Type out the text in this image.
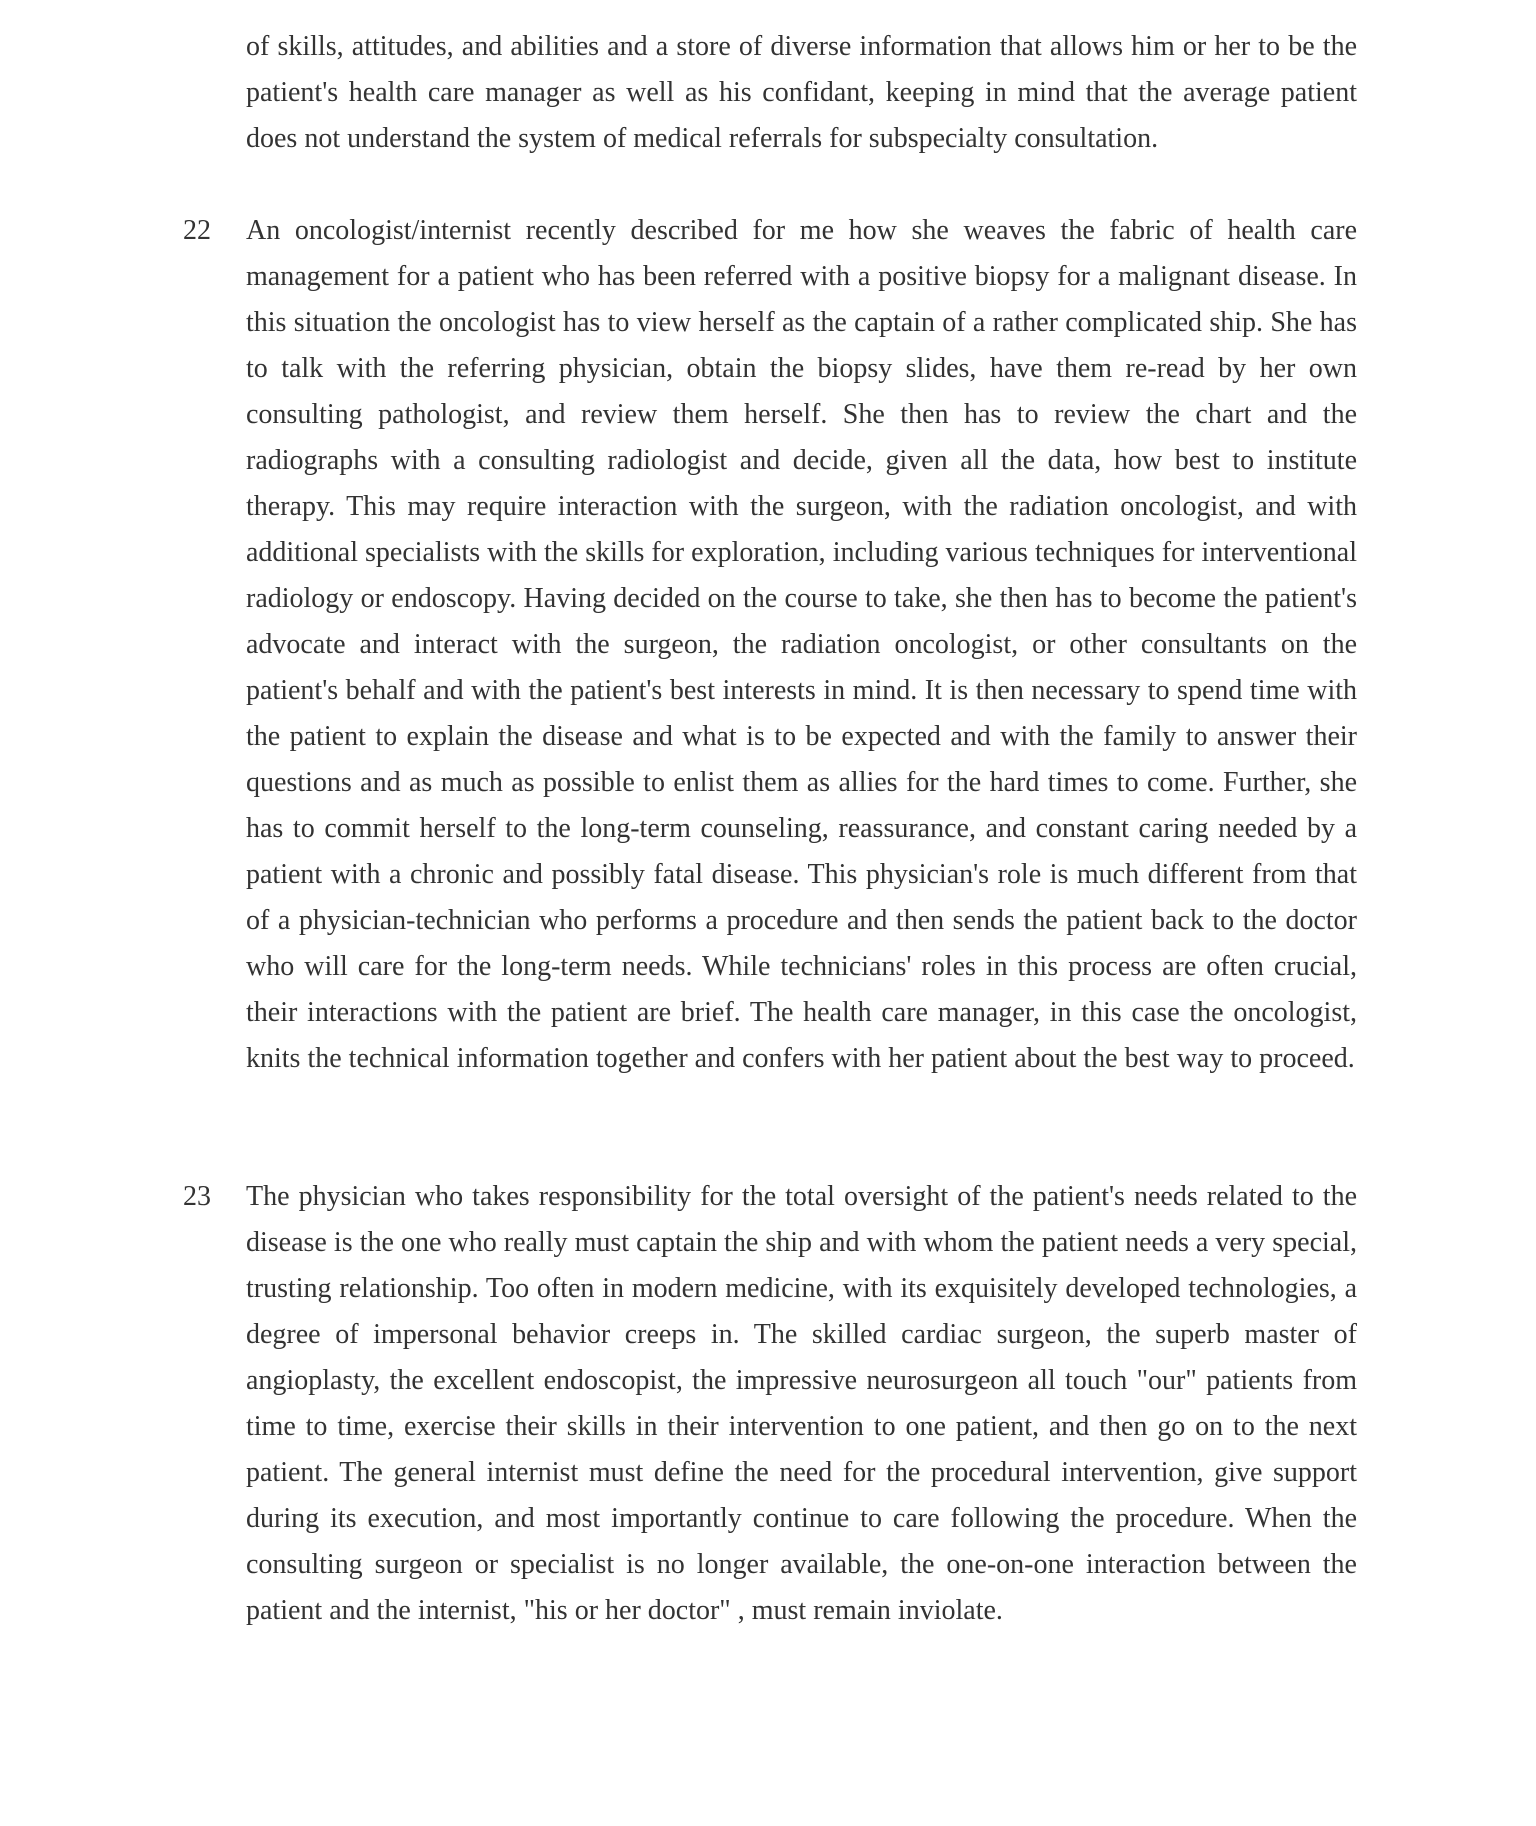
of skills, attitudes, and abilities and a store of diverse information that allows him or her to be the patient's health care manager as well as his confidant, keeping in mind that the average patient does not understand the system of medical referrals for subspecialty consultation.

22 An oncologist/internist recently described for me how she weaves the fabric of health care management for a patient who has been referred with a positive biopsy for a malignant disease. In this situation the oncologist has to view herself as the captain of a rather complicated ship. She has to talk with the referring physician, obtain the biopsy slides, have them re-read by her own consulting pathologist, and review them herself. She then has to review the chart and the radiographs with a consulting radiologist and decide, given all the data, how best to institute therapy. This may require interaction with the surgeon, with the radiation oncologist, and with additional specialists with the skills for exploration, including various techniques for interventional radiology or endoscopy. Having decided on the course to take, she then has to become the patient's advocate and interact with the surgeon, the radiation oncologist, or other consultants on the patient's behalf and with the patient's best interests in mind. It is then necessary to spend time with the patient to explain the disease and what is to be expected and with the family to answer their questions and as much as possible to enlist them as allies for the hard times to come. Further, she has to commit herself to the long-term counseling, reassurance, and constant caring needed by a patient with a chronic and possibly fatal disease. This physician's role is much different from that of a physician-technician who performs a procedure and then sends the patient back to the doctor who will care for the long-term needs. While technicians' roles in this process are often crucial, their interactions with the patient are brief. The health care manager, in this case the oncologist, knits the technical information together and confers with her patient about the best way to proceed.

23 The physician who takes responsibility for the total oversight of the patient's needs related to the disease is the one who really must captain the ship and with whom the patient needs a very special, trusting relationship. Too often in modern medicine, with its exquisitely developed technologies, a degree of impersonal behavior creeps in. The skilled cardiac surgeon, the superb master of angioplasty, the excellent endoscopist, the impressive neurosurgeon all touch "our" patients from time to time, exercise their skills in their intervention to one patient, and then go on to the next patient. The general internist must define the need for the procedural intervention, give support during its execution, and most importantly continue to care following the procedure. When the consulting surgeon or specialist is no longer available, the one-on-one interaction between the patient and the internist, "his or her doctor" , must remain inviolate.
